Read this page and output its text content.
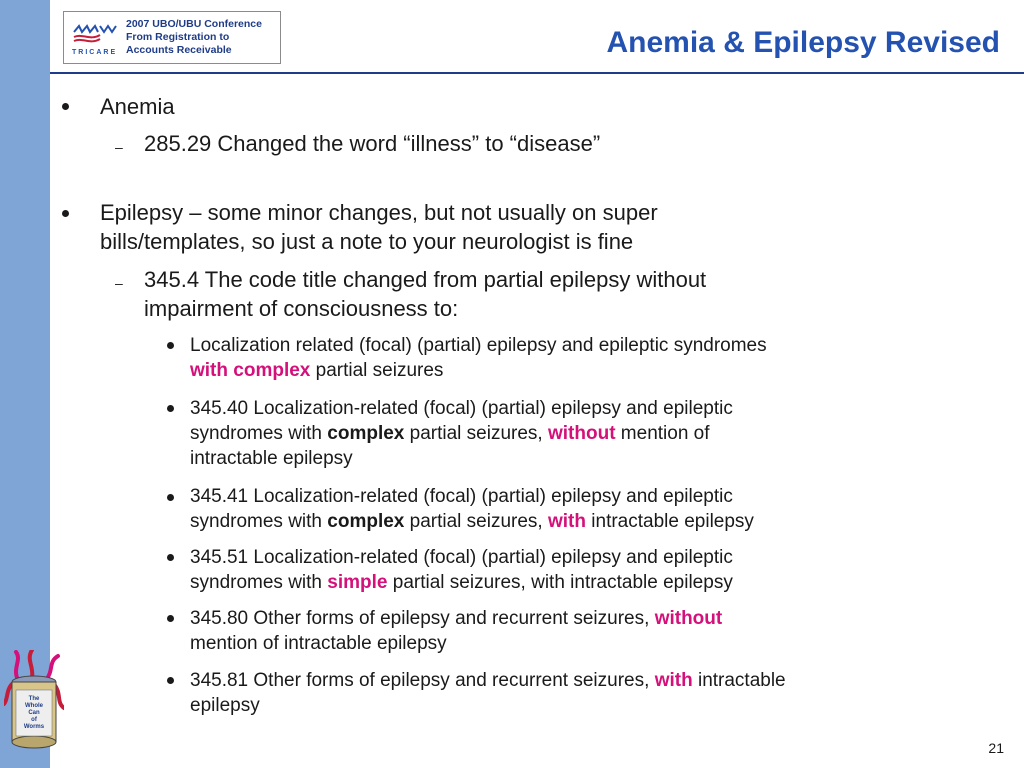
TRICARE
2007 UBO/UBU Conference
From Registration to
Accounts Receivable	Anemia & Epilepsy Revised
Anemia
– 285.29 Changed the word “illness” to “disease”
Epilepsy – some minor changes, but not usually on super
bills/templates, so just a note to your neurologist is fine
– 345.4 The code title changed from partial epilepsy without
impairment of consciousness to:
Localization related (focal) (partial) epilepsy and epileptic syndromes
with complex partial seizures
345.40 Localization-related (focal) (partial) epilepsy and epileptic
syndromes with complex partial seizures, without mention of
intractable epilepsy
345.41 Localization-related (focal) (partial) epilepsy and epileptic
syndromes with complex partial seizures, with intractable epilepsy
345.51 Localization-related (focal) (partial) epilepsy and epileptic
syndromes with simple partial seizures, with intractable epilepsy
345.80 Other forms of epilepsy and recurrent seizures, without
mention of intractable epilepsy
345.81 Other forms of epilepsy and recurrent seizures, with intractable
epilepsy
The
Whole
Can
of
Worms
21
